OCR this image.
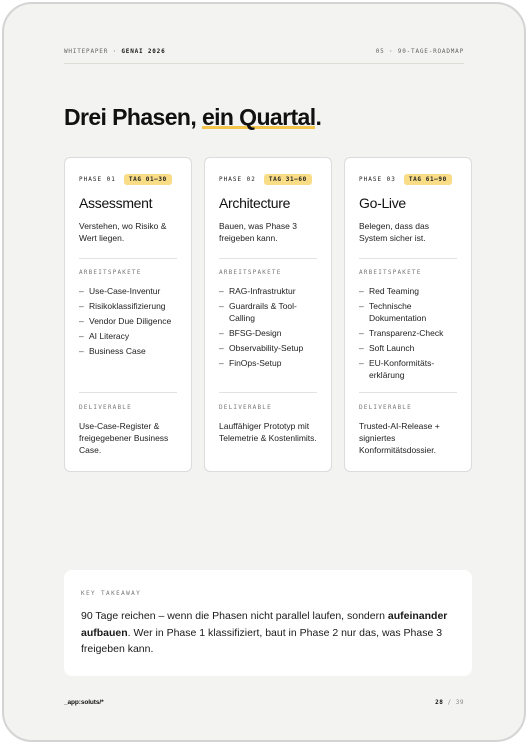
WHITEPAPER · GENAI 2026	05 · 90-TAGE-ROADMAP
Drei Phasen, ein Quartal.
PHASE 01	TAG 01–30
Assessment
Verstehen, wo Risiko & Wert liegen.
ARBEITSPAKETE
– Use-Case-Inventur
– Risikoklassifizierung
– Vendor Due Diligence
– AI Literacy
– Business Case
DELIVERABLE
Use-Case-Register & freigegebener Business Case.
PHASE 02	TAG 31–60
Architecture
Bauen, was Phase 3 freigeben kann.
ARBEITSPAKETE
– RAG-Infrastruktur
– Guardrails & Tool-Calling
– BFSG-Design
– Observability-Setup
– FinOps-Setup
DELIVERABLE
Lauffähiger Prototyp mit Telemetrie & Kostenlimits.
PHASE 03	TAG 61–90
Go-Live
Belegen, dass das System sicher ist.
ARBEITSPAKETE
– Red Teaming
– Technische Dokumentation
– Transparenz-Check
– Soft Launch
– EU-Konformitäts-erklärung
DELIVERABLE
Trusted-AI-Release + signiertes Konformitätsdossier.
KEY TAKEAWAY

90 Tage reichen – wenn die Phasen nicht parallel laufen, sondern aufeinander aufbauen. Wer in Phase 1 klassifiziert, baut in Phase 2 nur das, was Phase 3 freigeben kann.

_app:soluts/*	28 / 39
